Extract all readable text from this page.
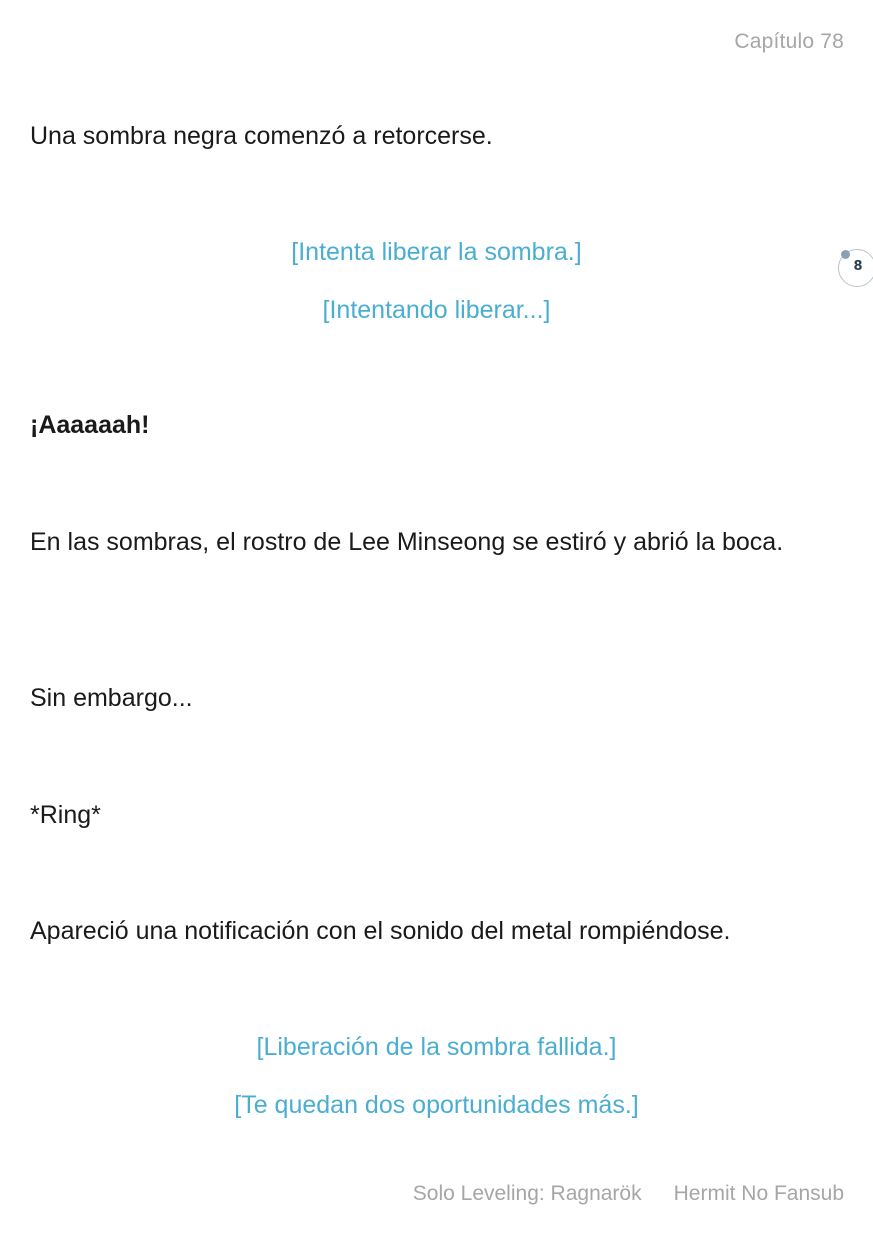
Capítulo 78
Una sombra negra comenzó a retorcerse.
[Intenta liberar la sombra.]
[Intentando liberar...]
8
¡Aaaaaah!
En las sombras, el rostro de Lee Minseong se estiró y abrió la boca.
Sin embargo...
*Ring*
Apareció una notificación con el sonido del metal rompiéndose.
[Liberación de la sombra fallida.]
[Te quedan dos oportunidades más.]
Solo Leveling: Ragnarök Hermit No Fansub
